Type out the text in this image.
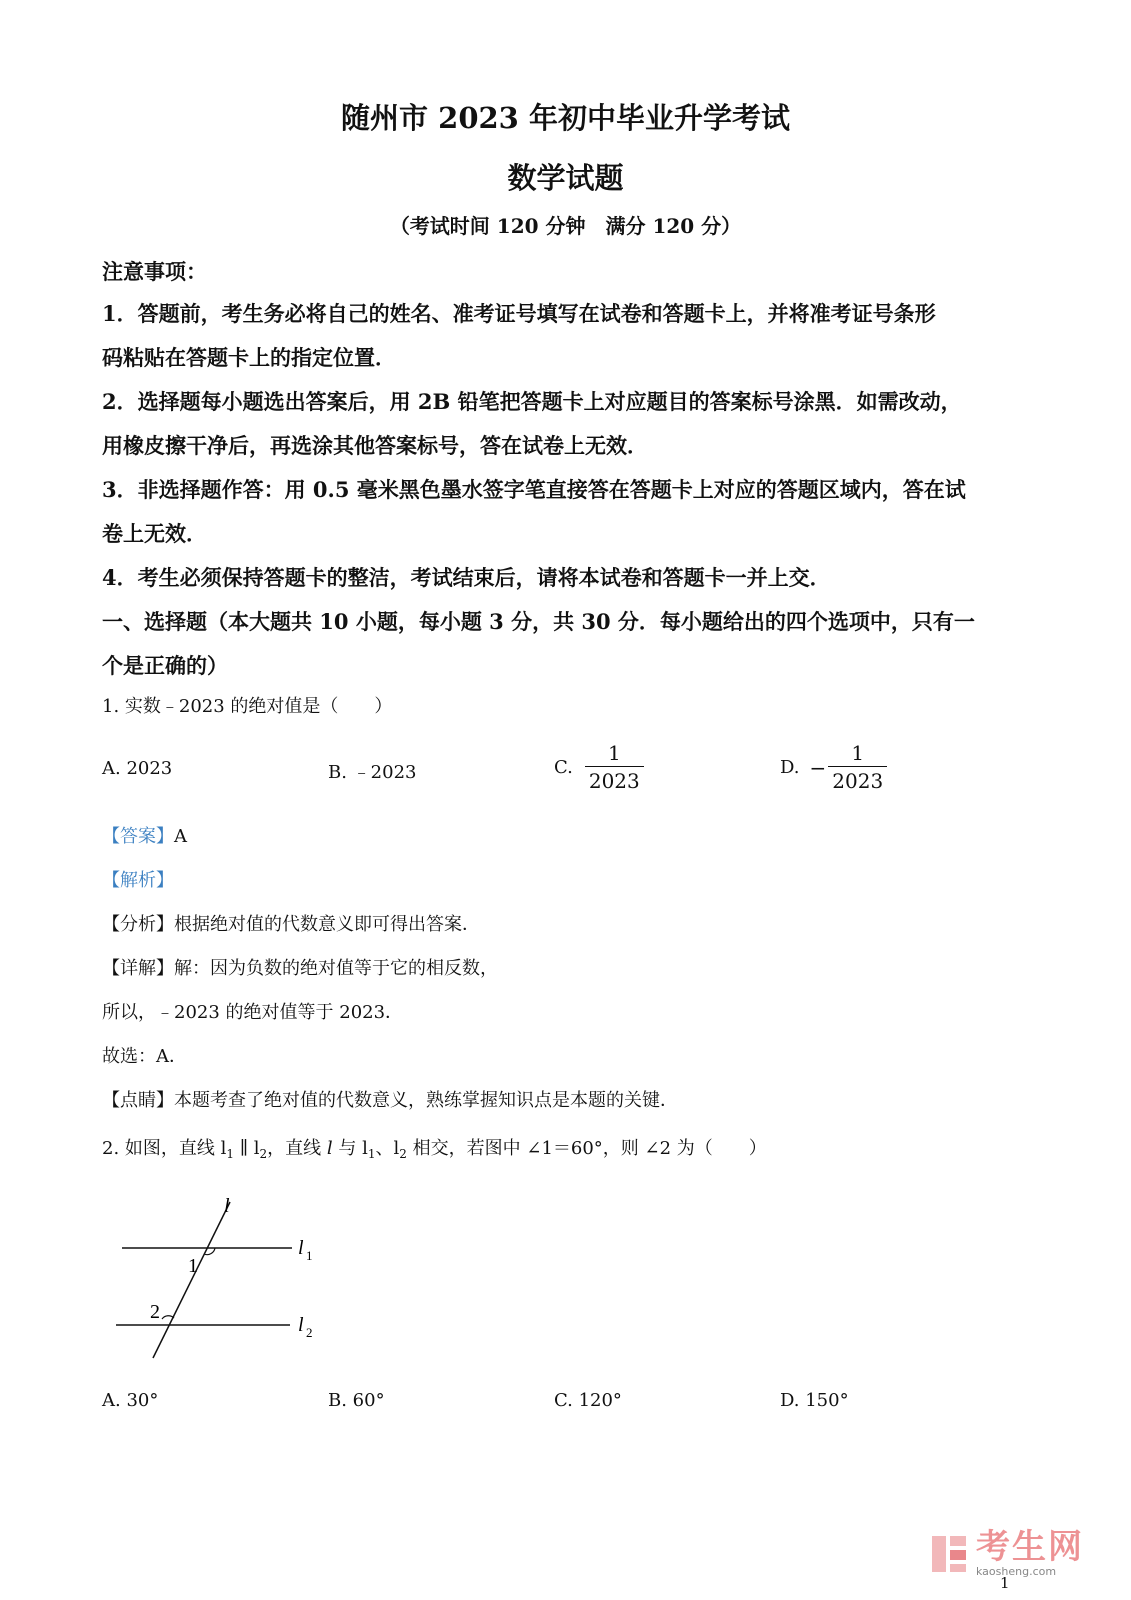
随州市 2023 年初中毕业升学考试
数学试题
（考试时间 120 分钟　满分 120 分）
注意事项：
1．答题前，考生务必将自己的姓名、准考证号填写在试卷和答题卡上，并将准考证号条形
码粘贴在答题卡上的指定位置．
2．选择题每小题选出答案后，用 2B 铅笔把答题卡上对应题目的答案标号涂黑．如需改动，
用橡皮擦干净后，再选涂其他答案标号，答在试卷上无效．
3．非选择题作答：用 0.5 毫米黑色墨水签字笔直接答在答题卡上对应的答题区域内，答在试
卷上无效．
4．考生必须保持答题卡的整洁，考试结束后，请将本试卷和答题卡一并上交．
一、选择题（本大题共 10 小题，每小题 3 分，共 30 分．每小题给出的四个选项中，只有一
个是正确的）
1. 实数﹣2023 的绝对值是（　　）
A. 2023	B. ﹣2023	C. $\frac{1}{2023}$	D. − $\frac{1}{2023}$
【答案】A
【解析】
【分析】根据绝对值的代数意义即可得出答案．
【详解】解：因为负数的绝对值等于它的相反数，
所以，﹣2023 的绝对值等于 2023．
故选：A．
【点睛】本题考查了绝对值的代数意义，熟练掌握知识点是本题的关键．
2. 如图，直线 $l_1$ ∥ $l_2$，直线 l 与 $l_1$、$l_2$ 相交，若图中 ∠1＝60°，则 ∠2 为（　　）
l
l 1
l 2
1
2
A. 30°	B. 60°	C. 120°	D. 150°
考生网
kaosheng.com
1
